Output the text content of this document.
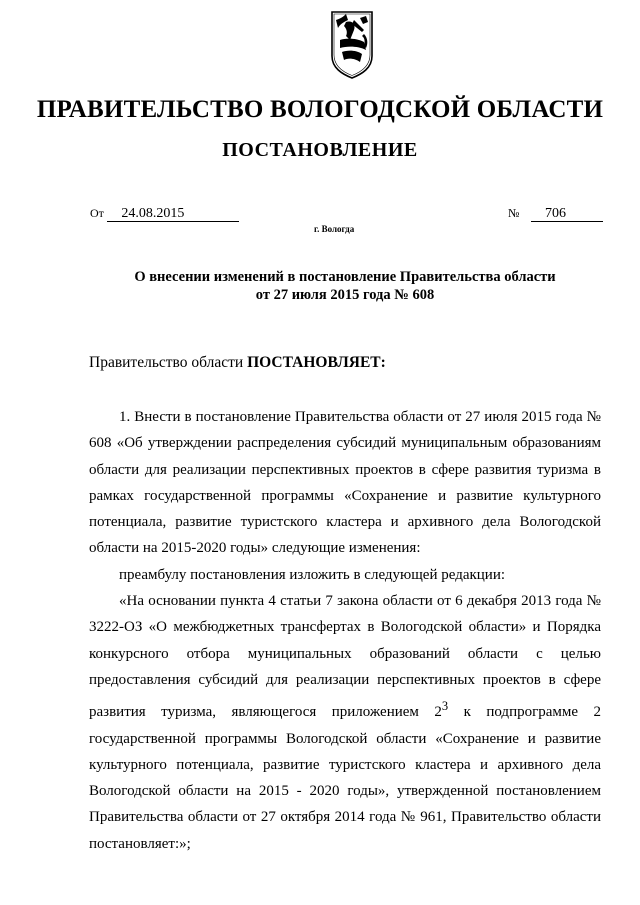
ПРАВИТЕЛЬСТВО ВОЛОГОДСКОЙ ОБЛАСТИ
ПОСТАНОВЛЕНИЕ
От 24.08.2015	№ 706
г. Вологда
О внесении изменений в постановление Правительства области
от 27 июля 2015 года № 608
Правительство области ПОСТАНОВЛЯЕТ:

1. Внести в постановление Правительства области от 27 июля 2015 года № 608 «Об утверждении распределения субсидий муниципальным образованиям области для реализации перспективных проектов в сфере развития туризма в рамках государственной программы «Сохранение и развитие культурного потенциала, развитие туристского кластера и архивного дела Вологодской области на 2015-2020 годы» следующие изменения:

преамбулу постановления изложить в следующей редакции:

«На основании пункта 4 статьи 7 закона области от 6 декабря 2013 года № 3222-ОЗ «О межбюджетных трансфертах в Вологодской области» и Порядка конкурсного отбора муниципальных образований области с целью предоставления субсидий для реализации перспективных проектов в сфере развития туризма, являющегося приложением $2^3$ к подпрограмме 2 государственной программы Вологодской области «Сохранение и развитие культурного потенциала, развитие туристского кластера и архивного дела Вологодской области на 2015 - 2020 годы», утвержденной постановлением Правительства области от 27 октября 2014 года № 961, Правительство области постановляет:»;
